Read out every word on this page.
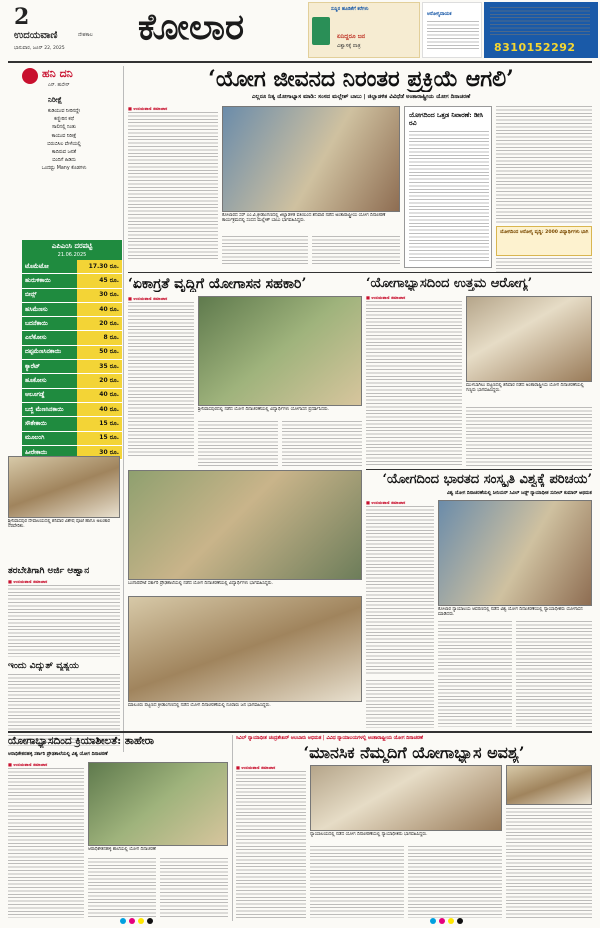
2
ಉದಯವಾಣಿ	ದೇಶಕಾಲ
ಭಾನುವಾರ, ಜೂನ್ 22, 2025
ಕೋಲಾರ	ಸುಸ್ಥಿರ ಹೂಡಿಕೆಗೆ ಕರೆಗಳು
ಏನಿದ್ದರೂ ಜನ
ವಿಶ್ವಾಸಕ್ಕೆ ಪಾತ್ರ
ಆರೋಗ್ಯದಾಯಕ
8310152292
ಹನಿ ದನಿ
ಎನ್. ಹುಸೇನ್
ನಿರೀಕ್ಷೆ
ಕುಡಿಯುವ ನೀರಿನದ್ದೇ
ಕಣ್ಣೀರಿನ ಕಥೆ
ಸಾಲಿನಲ್ಲಿ ನಿಂತು
ಕಾಯುವ ನಿರೀಕ್ಷೆ
ಬಿರುಬಿಸಿಲ ವೇಳೆಯಲ್ಲಿ
ಕಾದಿರುವ ಜನತೆ
ಬಿಂದಿಗೆ ಹಿಡಿದು
ಒಂದಷ್ಟು Many ಕೊಡಗಳು
ಎಪಿಎಂಸಿ ದರಪಟ್ಟಿ
21.06.2025
ಟೊಮೆಟೋ	17.30 ರೂ.
ಹುರುಳಿಕಾಯಿ	45 ರೂ.
ಬೀನ್ಸ್	30 ರೂ.
ಹಸಿಮೆಣಸು	40 ರೂ.
ಬದನೆಕಾಯಿ	20 ರೂ.
ಎಲೆಕೋಸು	8 ರೂ.
ದಪ್ಪಮೆಣಸಿನಕಾಯಿ	50 ರೂ.
ಕ್ಯಾರೆಟ್	35 ರೂ.
ಹೂಕೋಸು	20 ರೂ.
ಆಲೂಗಡ್ಡೆ	40 ರೂ.
ಬಜ್ಜಿ ಮೆಣಸಿನಕಾಯಿ	40 ರೂ.
ಸೌತೇಕಾಯಿ	15 ರೂ.
ಮೂಲಂಗಿ	15 ರೂ.
ಹೀರೇಕಾಯಿ	30 ರೂ.
ಶ್ರೀನಿವಾಸಪುರ ದೇವಾಲಯದಲ್ಲಿ ಶನಿವಾರ ವಿಶೇಷ ಪೂಜೆ ಹಾಗೂ ಅಲಂಕಾರ ನೆರವೇರಿತು.
ತರಬೇತಿಗಾಗಿ ಅರ್ಜಿ ಆಹ್ವಾನ
■ ಉದಯವಾಣಿ ಸಮಾಚಾರ
ಇಂದು ವಿದ್ಯುತ್ ವ್ಯತ್ಯಯ
‘ಯೋಗ ಜೀವನದ ನಿರಂತರ ಪ್ರಕ್ರಿಯೆ ಆಗಲಿ’
ಎಲ್ಲರೂ ನಿತ್ಯ ಯೋಗಾಭ್ಯಾಸ ಮಾಡಿ: ಸಂಸದ ಮಲ್ಲೇಶ್ ಬಾಬು | ಜಿಲ್ಲಾಡಳಿತ ವಿವಿಧೆಡೆ ಅಂತಾರಾಷ್ಟ್ರೀಯ ಯೋಗ ದಿನಾಚರಣೆ
■ ಉದಯವಾಣಿ ಸಮಾಚಾರ
ಕೋಲಾರದ ಸರ್ ಎಂ.ವಿ.ಕ್ರೀಡಾಂಗಣದಲ್ಲಿ ಜಿಲ್ಲಾಡಳಿತ ವತಿಯಿಂದ ಶನಿವಾರ ನಡೆದ ಅಂತಾರಾಷ್ಟ್ರೀಯ ಯೋಗ ದಿನಾಚರಣೆ ಕಾರ್ಯಕ್ರಮದಲ್ಲಿ ಸಂಸದ ಮಲ್ಲೇಶ್ ಬಾಬು ಭಾಗವಹಿಸಿದ್ದರು.
ಯೋಗದಿಂದ ಒತ್ತಡ ನಿವಾರಣೆ: ಡೀಸಿ ರವಿ
ಯೋಗದಿಂದ ಆರೋಗ್ಯ ವೃದ್ಧಿ: 2000 ವಿದ್ಯಾರ್ಥಿಗಳು ಭಾಗಿ
‘ಏಕಾಗ್ರತೆ ವೃದ್ಧಿಗೆ ಯೋಗಾಸನ ಸಹಕಾರಿ’
■ ಉದಯವಾಣಿ ಸಮಾಚಾರ
ಶ್ರೀನಿವಾಸಪುರದಲ್ಲಿ ನಡೆದ ಯೋಗ ದಿನಾಚರಣೆಯಲ್ಲಿ ವಿದ್ಯಾರ್ಥಿಗಳು ಯೋಗಾಸನ ಪ್ರದರ್ಶಿಸಿದರು.
‘ಯೋಗಾಭ್ಯಾಸದಿಂದ ಉತ್ತಮ ಆರೋಗ್ಯ’
■ ಉದಯವಾಣಿ ಸಮಾಚಾರ
ಮುಳಬಾಗಿಲು ಪಟ್ಟಣದಲ್ಲಿ ಶನಿವಾರ ನಡೆದ ಅಂತಾರಾಷ್ಟ್ರೀಯ ಯೋಗ ದಿನಾಚರಣೆಯಲ್ಲಿ ಗಣ್ಯರು ಭಾಗವಹಿಸಿದ್ದರು.
ಬಂಗಾರಪೇಟೆ ಸರ್ಕಾರಿ ಪ್ರೌಢಶಾಲೆಯಲ್ಲಿ ನಡೆದ ಯೋಗ ದಿನಾಚರಣೆಯಲ್ಲಿ ವಿದ್ಯಾರ್ಥಿಗಳು ಭಾಗವಹಿಸಿದ್ದರು.
ಮಾಲೂರು ಪಟ್ಟಣದ ಕ್ರೀಡಾಂಗಣದಲ್ಲಿ ನಡೆದ ಯೋಗ ದಿನಾಚರಣೆಯಲ್ಲಿ ನೂರಾರು ಜನ ಭಾಗವಹಿಸಿದ್ದರು.
‘ಯೋಗದಿಂದ ಭಾರತದ ಸಂಸ್ಕೃತಿ ವಿಶ್ವಕ್ಕೆ ಪರಿಚಯ’
ವಿಶ್ವ ಯೋಗ ದಿನಾಚರಣೆಯಲ್ಲಿ ಸೀನಿಯರ್ ಸಿವಿಲ್ ಜಡ್ಜ್ ನ್ಯಾಯಾಧೀಶ ಸುನೀಲ್ ಕುಮಾರ್ ಅಭಿಮತ
■ ಉದಯವಾಣಿ ಸಮಾಚಾರ
ಕೋಲಾರ ನ್ಯಾಯಾಲಯ ಆವರಣದಲ್ಲಿ ನಡೆದ ವಿಶ್ವ ಯೋಗ ದಿನಾಚರಣೆಯಲ್ಲಿ ನ್ಯಾಯಾಧೀಶರು ಯೋಗಾಸನ ಮಾಡಿದರು.
ಯೋಗಾಭ್ಯಾಸದಿಂದ ಕ್ರಿಯಾಶೀಲತೆ: ತಾಹೇರಾ
ಆರಾಧಿಕೇತನಹಳ್ಳಿ ಸರ್ಕಾರಿ ಪ್ರೌಢಶಾಲೆಯಲ್ಲಿ ವಿಶ್ವ ಯೋಗ ದಿನಾಚರಣೆ
■ ಉದಯವಾಣಿ ಸಮಾಚಾರ
ಆರಾಧಿಕೇತನಹಳ್ಳಿ ಶಾಲೆಯಲ್ಲಿ ಯೋಗ ದಿನಾಚರಣೆ
ಸಿವಿಲ್ ನ್ಯಾಯಾಧೀಶ ಚಂದ್ರಶೇಖರ್ ಅಲಬಾರು ಅಭಿಮತ | ವಿವಿಧ ನ್ಯಾಯಾಲಯಗಳಲ್ಲಿ ಅಂತಾರಾಷ್ಟ್ರೀಯ ಯೋಗ ದಿನಾಚರಣೆ
‘ಮಾನಸಿಕ ನೆಮ್ಮದಿಗೆ ಯೋಗಾಭ್ಯಾಸ ಅವಶ್ಯ’
■ ಉದಯವಾಣಿ ಸಮಾಚಾರ
ನ್ಯಾಯಾಲಯದಲ್ಲಿ ನಡೆದ ಯೋಗ ದಿನಾಚರಣೆಯಲ್ಲಿ ನ್ಯಾಯಾಧೀಶರು ಭಾಗವಹಿಸಿದ್ದರು.
